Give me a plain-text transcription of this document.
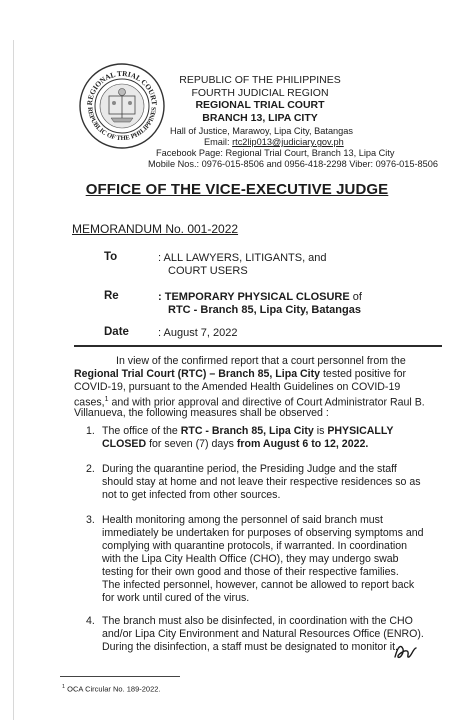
REGIONAL TRIAL COURT
REPUBLIC OF THE PHILIPPINES
REPUBLIC OF THE PHILIPPINES
FOURTH JUDICIAL REGION
REGIONAL TRIAL COURT
BRANCH 13, LIPA CITY
Hall of Justice, Marawoy, Lipa City, Batangas
Email: rtc2lip013@judiciary.gov.ph
Facebook Page: Regional Trial Court, Branch 13, Lipa City
Mobile Nos.: 0976-015-8506 and 0956-418-2298 Viber: 0976-015-8506
OFFICE OF THE VICE-EXECUTIVE JUDGE
MEMORANDUM No. 001-2022
To	: ALL LAWYERS, LITIGANTS, and
COURT USERS
Re	: TEMPORARY PHYSICAL CLOSURE of
RTC - Branch 85, Lipa City, Batangas
Date	: August 7, 2022
In view of the confirmed report that a court personnel from the
Regional Trial Court (RTC) – Branch 85, Lipa City tested positive for
COVID-19, pursuant to the Amended Health Guidelines on COVID-19
cases,$^1$ and with prior approval and directive of Court Administrator Raul B.
Villanueva, the following measures shall be observed :
1. The office of the RTC - Branch 85, Lipa City is PHYSICALLY
CLOSED for seven (7) days from August 6 to 12, 2022.
2. During the quarantine period, the Presiding Judge and the staff
should stay at home and not leave their respective residences so as
not to get infected from other sources.
3. Health monitoring among the personnel of said branch must
immediately be undertaken for purposes of observing symptoms and
complying with quarantine protocols, if warranted. In coordination
with the Lipa City Health Office (CHO), they may undergo swab
testing for their own good and those of their respective families.
The infected personnel, however, cannot be allowed to report back
for work until cured of the virus.
4. The branch must also be disinfected, in coordination with the CHO
and/or Lipa City Environment and Natural Resources Office (ENRO).
During the disinfection, a staff must be designated to monitor it.
$^1$ OCA Circular No. 189-2022.
